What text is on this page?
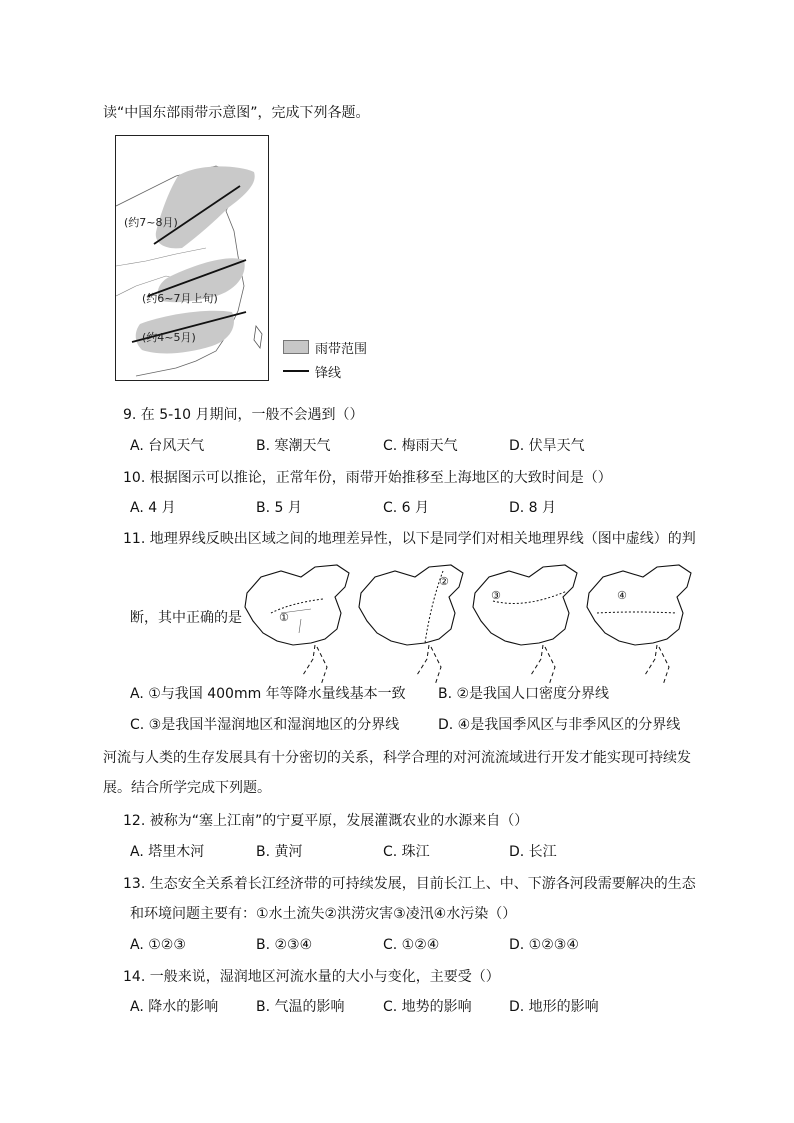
读“中国东部雨带示意图”，完成下列各题。
(约7~8月)
(约6~7月上旬)
(约4~5月)
雨带范围
锋线
9. 在 5-10 月期间，一般不会遇到（）
A. 台风天气	B. 寒潮天气	C. 梅雨天气	D. 伏旱天气
10. 根据图示可以推论，正常年份，雨带开始推移至上海地区的大致时间是（）
A. 4 月	B. 5 月	C. 6 月	D. 8 月
11. 地理界线反映出区域之间的地理差异性，以下是同学们对相关地理界线（图中虚线）的判
断，其中正确的是	①
②
③	④
A. ①与我国 400mm 年等降水量线基本一致 B. ②是我国人口密度分界线
C. ③是我国半湿润地区和湿润地区的分界线	D. ④是我国季风区与非季风区的分界线
河流与人类的生存发展具有十分密切的关系，科学合理的对河流流域进行开发才能实现可持续发
展。结合所学完成下列题。
12. 被称为“塞上江南”的宁夏平原，发展灌溉农业的水源来自（）
A. 塔里木河	B. 黄河	C. 珠江	D. 长江
13. 生态安全关系着长江经济带的可持续发展，目前长江上、中、下游各河段需要解决的生态
和环境问题主要有：①水土流失②洪涝灾害③凌汛④水污染（）
A. ①②③	B. ②③④	C. ①②④	D. ①②③④
14. 一般来说，湿润地区河流水量的大小与变化，主要受（）
A. 降水的影响	B. 气温的影响	C. 地势的影响	D. 地形的影响
